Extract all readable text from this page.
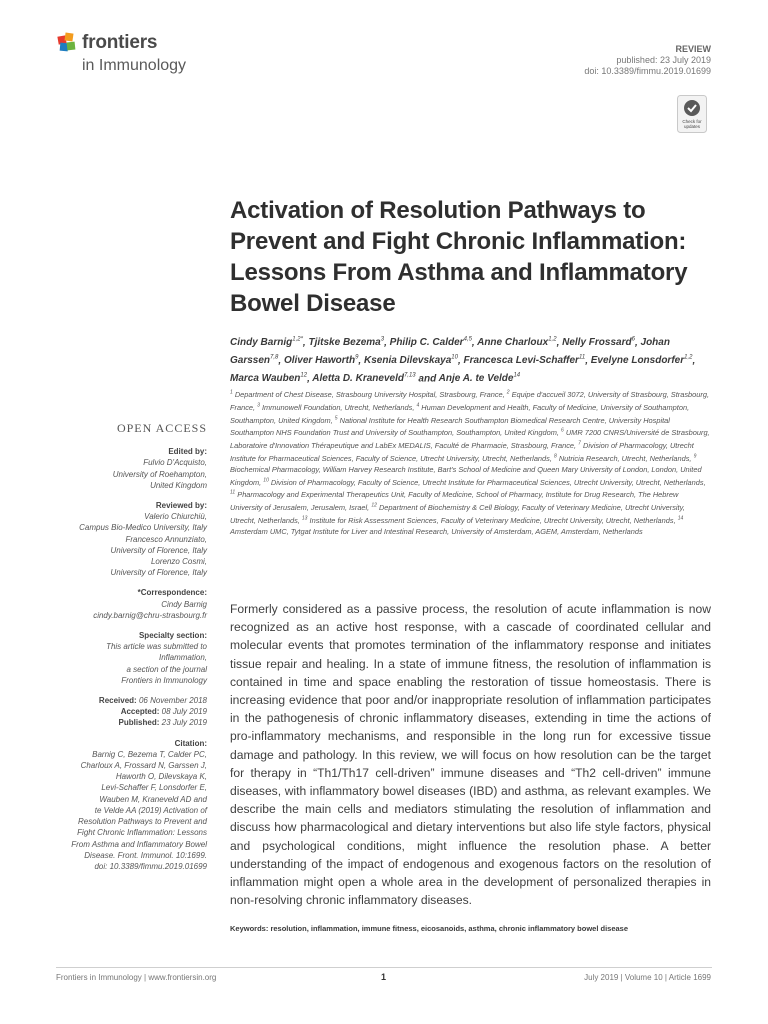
frontiers
in Immunology
REVIEW
published: 23 July 2019
doi: 10.3389/fimmu.2019.01699
Check for
updates
Activation of Resolution Pathways to Prevent and Fight Chronic Inflammation: Lessons From Asthma and Inflammatory Bowel Disease
Cindy Barnig$^{1,2*}$, Tjitske Bezema$^3$, Philip C. Calder$^{4,5}$, Anne Charloux$^{1,2}$, Nelly Frossard$^6$, Johan Garssen$^{7,8}$, Oliver Haworth$^9$, Ksenia Dilevskaya$^{10}$, Francesca Levi-Schaffer$^{11}$, Evelyne Lonsdorfer$^{1,2}$, Marca Wauben$^{12}$, Aletta D. Kraneveld$^{7,13}$ and Anje A. te Velde$^{14}$
$^1$ Department of Chest Disease, Strasbourg University Hospital, Strasbourg, France, $^2$ Equipe d'accueil 3072, University of Strasbourg, Strasbourg, France, $^3$ Immunowell Foundation, Utrecht, Netherlands, $^4$ Human Development and Health, Faculty of Medicine, University of Southampton, Southampton, United Kingdom, $^5$ National Institute for Health Research Southampton Biomedical Research Centre, University Hospital Southampton NHS Foundation Trust and University of Southampton, Southampton, United Kingdom, $^6$ UMR 7200 CNRS/Université de Strasbourg, Laboratoire d'Innovation Thérapeutique and LabEx MEDALIS, Faculté de Pharmacie, Strasbourg, France, $^7$ Division of Pharmacology, Utrecht Institute for Pharmaceutical Sciences, Faculty of Science, Utrecht University, Utrecht, Netherlands, $^8$ Nutricia Research, Utrecht, Netherlands, $^9$ Biochemical Pharmacology, William Harvey Research Institute, Bart's School of Medicine and Queen Mary University of London, London, United Kingdom, $^{10}$ Division of Pharmacology, Faculty of Science, Utrecht Institute for Pharmaceutical Sciences, Utrecht University, Utrecht, Netherlands, $^{11}$ Pharmacology and Experimental Therapeutics Unit, Faculty of Medicine, School of Pharmacy, Institute for Drug Research, The Hebrew University of Jerusalem, Jerusalem, Israel, $^{12}$ Department of Biochemistry & Cell Biology, Faculty of Veterinary Medicine, Utrecht University, Utrecht, Netherlands, $^{13}$ Institute for Risk Assessment Sciences, Faculty of Veterinary Medicine, Utrecht University, Utrecht, Netherlands, $^{14}$ Amsterdam UMC, Tytgat Institute for Liver and Intestinal Research, University of Amsterdam, AGEM, Amsterdam, Netherlands
OPEN ACCESS
Edited by:
Fulvio D'Acquisto,
University of Roehampton,
United Kingdom
Reviewed by:
Valerio Chiurchiù,
Campus Bio-Medico University, Italy
Francesco Annunziato,
University of Florence, Italy
Lorenzo Cosmi,
University of Florence, Italy
*Correspondence:
Cindy Barnig
cindy.barnig@chru-strasbourg.fr
Specialty section:
This article was submitted to
Inflammation,
a section of the journal
Frontiers in Immunology
Received: 06 November 2018
Accepted: 08 July 2019
Published: 23 July 2019
Citation:
Barnig C, Bezema T, Calder PC,
Charloux A, Frossard N, Garssen J,
Haworth O, Dilevskaya K,
Levi-Schaffer F, Lonsdorfer E,
Wauben M, Kraneveld AD and
te Velde AA (2019) Activation of
Resolution Pathways to Prevent and
Fight Chronic Inflammation: Lessons
From Asthma and Inflammatory Bowel
Disease. Front. Immunol. 10:1699.
doi: 10.3389/fimmu.2019.01699
Formerly considered as a passive process, the resolution of acute inflammation is now recognized as an active host response, with a cascade of coordinated cellular and molecular events that promotes termination of the inflammatory response and initiates tissue repair and healing. In a state of immune fitness, the resolution of inflammation is contained in time and space enabling the restoration of tissue homeostasis. There is increasing evidence that poor and/or inappropriate resolution of inflammation participates in the pathogenesis of chronic inflammatory diseases, extending in time the actions of pro-inflammatory mechanisms, and responsible in the long run for excessive tissue damage and pathology. In this review, we will focus on how resolution can be the target for therapy in “Th1/Th17 cell-driven” immune diseases and “Th2 cell-driven” immune diseases, with inflammatory bowel diseases (IBD) and asthma, as relevant examples. We describe the main cells and mediators stimulating the resolution of inflammation and discuss how pharmacological and dietary interventions but also life style factors, physical and psychological conditions, might influence the resolution phase. A better understanding of the impact of endogenous and exogenous factors on the resolution of inflammation might open a whole area in the development of personalized therapies in non-resolving chronic inflammatory diseases.
Keywords: resolution, inflammation, immune fitness, eicosanoids, asthma, chronic inflammatory bowel disease
Frontiers in Immunology | www.frontiersin.org	1	July 2019 | Volume 10 | Article 1699
